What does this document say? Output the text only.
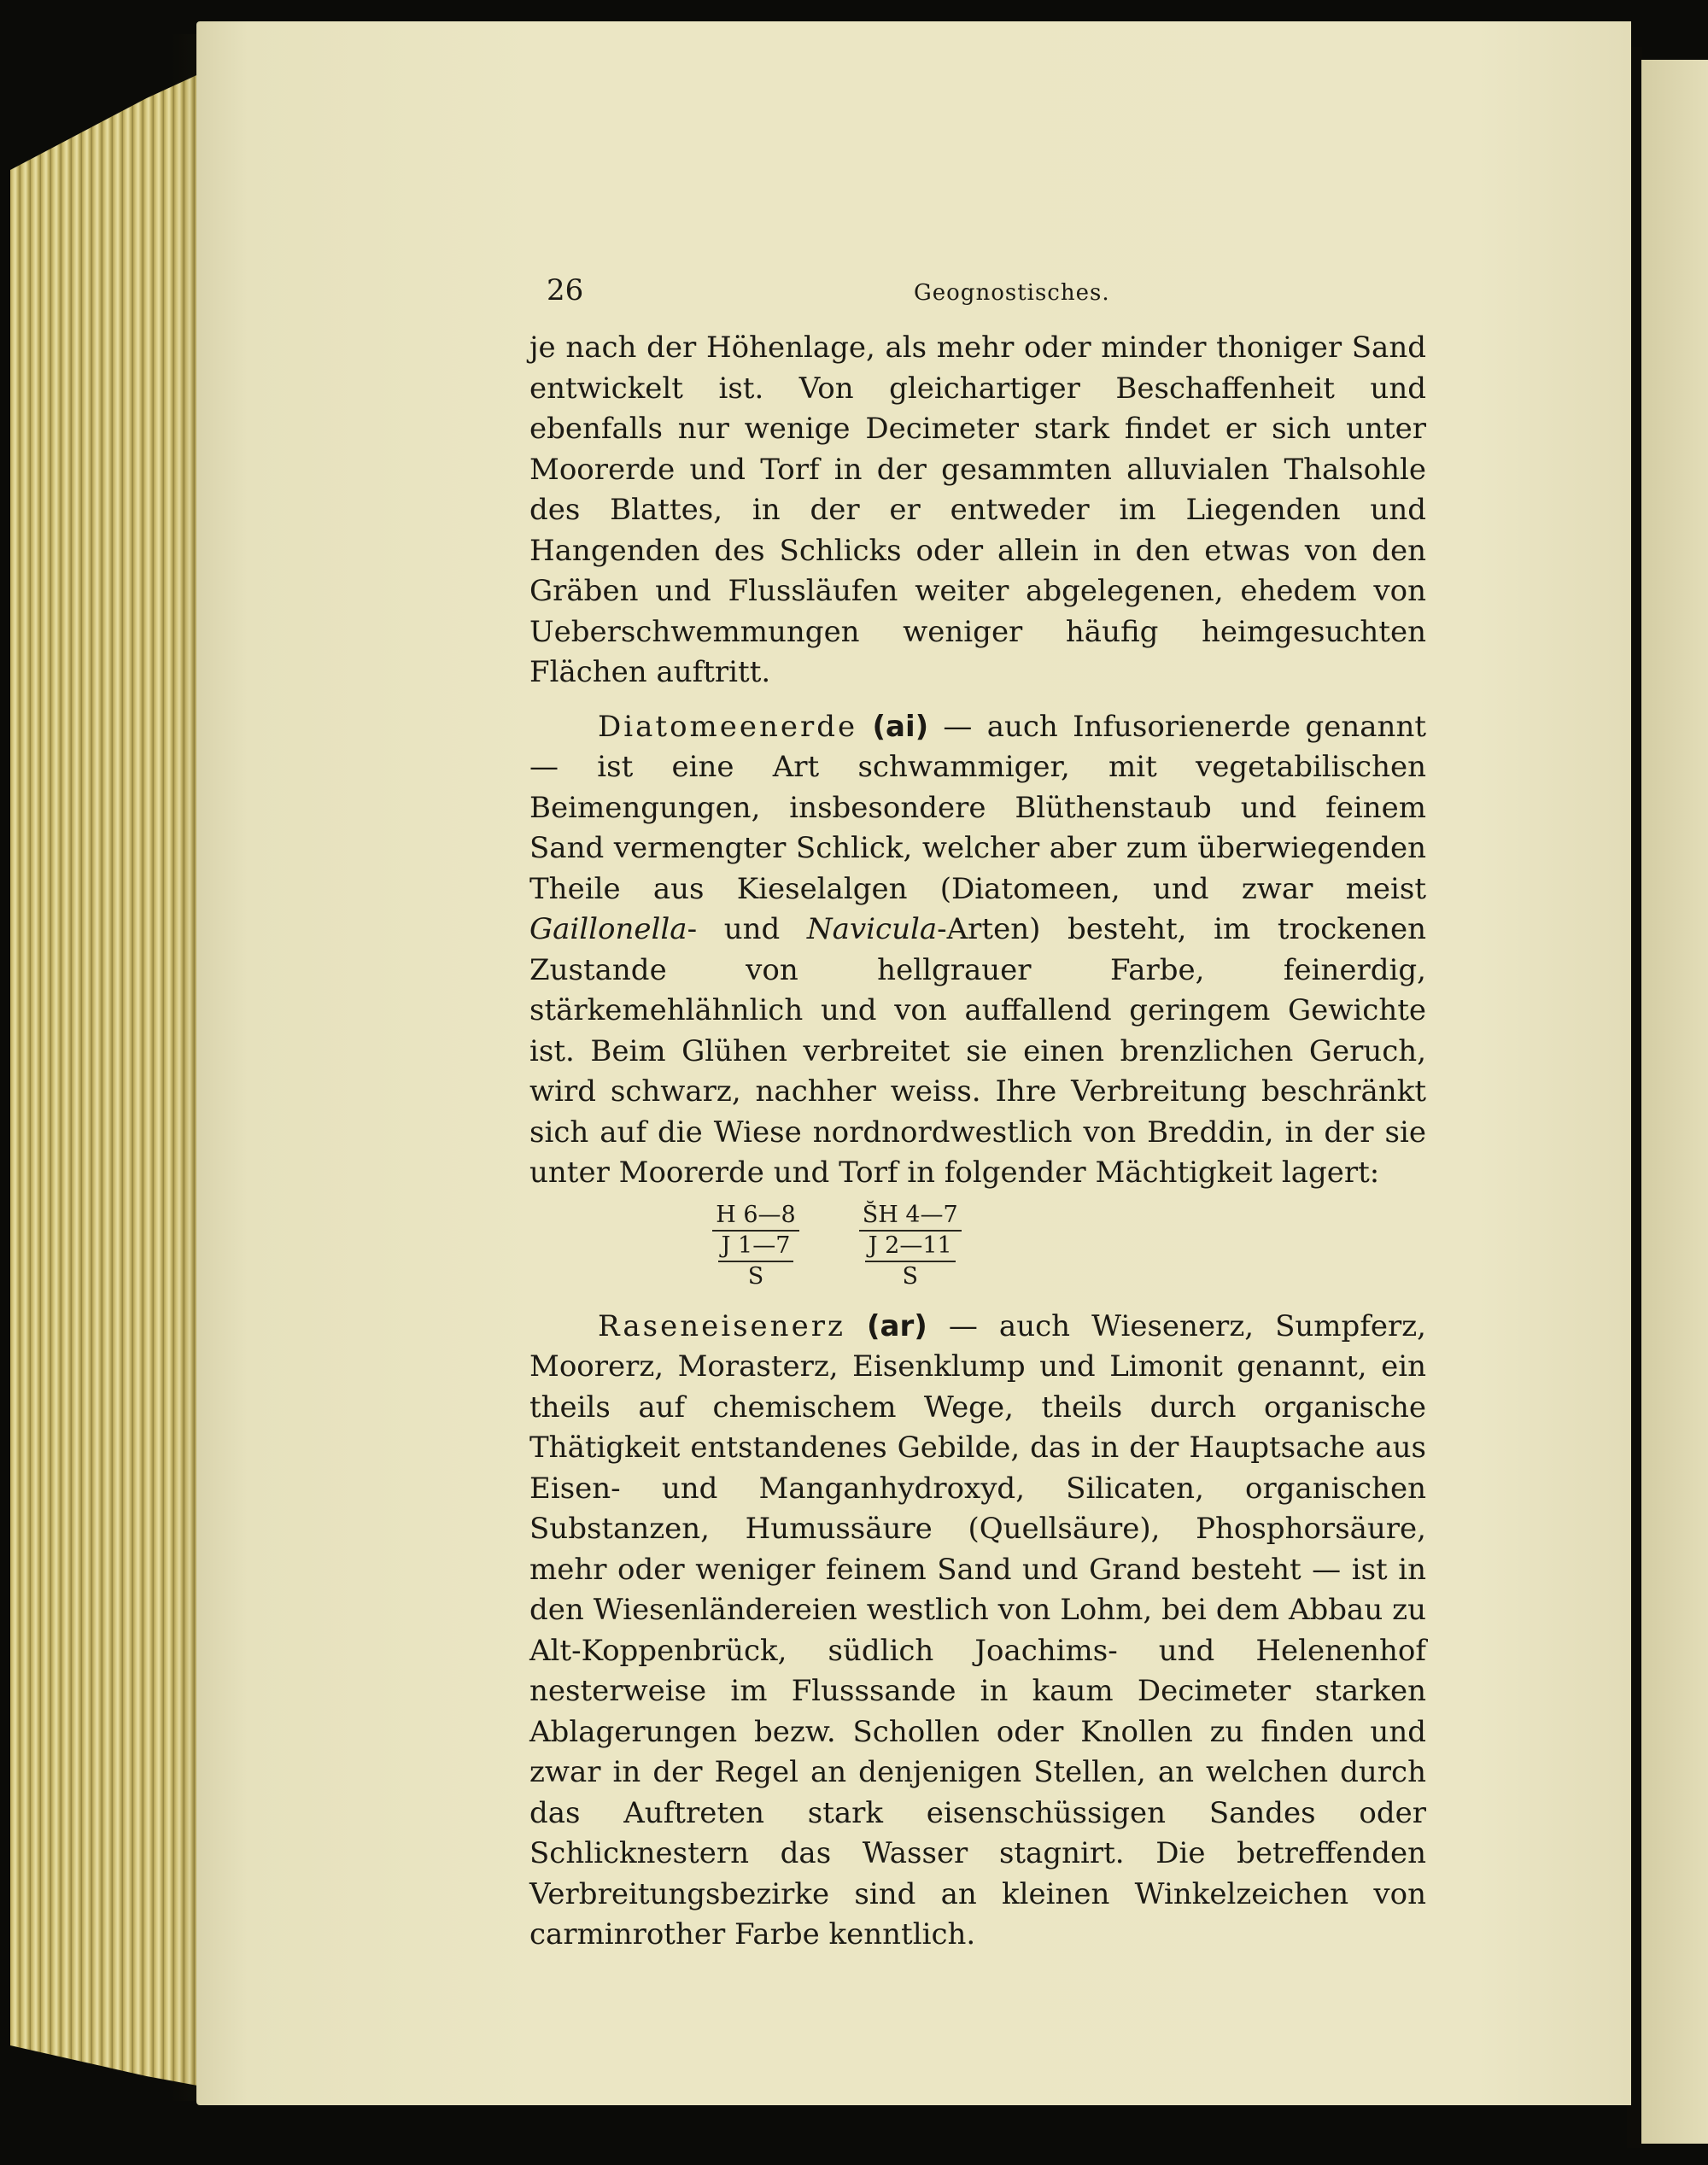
26	Geognostisches.

je nach der Höhenlage, als mehr oder minder thoniger Sand entwickelt ist. Von gleichartiger Beschaffenheit und ebenfalls nur wenige Decimeter stark findet er sich unter Moorerde und Torf in der gesammten alluvialen Thalsohle des Blattes, in der er entweder im Liegenden und Hangenden des Schlicks oder allein in den etwas von den Gräben und Flussläufen weiter abgelegenen, ehedem von Ueberschwemmungen weniger häufig heimgesuchten Flächen auftritt.

Diatomeenerde (ai) — auch Infusorienerde genannt — ist eine Art schwammiger, mit vegetabilischen Beimengungen, insbesondere Blüthenstaub und feinem Sand vermengter Schlick, welcher aber zum überwiegenden Theile aus Kieselalgen (Diatomeen, und zwar meist Gaillonella- und Navicula-Arten) besteht, im trockenen Zustande von hellgrauer Farbe, feinerdig, stärkemehlähnlich und von auffallend geringem Gewichte ist. Beim Glühen verbreitet sie einen brenzlichen Geruch, wird schwarz, nachher weiss. Ihre Verbreitung beschränkt sich auf die Wiese nordnordwestlich von Breddin, in der sie unter Moorerde und Torf in folgender Mächtigkeit lagert:

H 6—8
J 1—7
S
S̆H 4—7
J 2—11
S

Raseneisenerz (ar) — auch Wiesenerz, Sumpferz, Moorerz, Morasterz, Eisenklump und Limonit genannt, ein theils auf chemischem Wege, theils durch organische Thätigkeit entstandenes Gebilde, das in der Hauptsache aus Eisen- und Manganhydroxyd, Silicaten, organischen Substanzen, Humussäure (Quellsäure), Phosphorsäure, mehr oder weniger feinem Sand und Grand besteht — ist in den Wiesenländereien westlich von Lohm, bei dem Abbau zu Alt-Koppenbrück, südlich Joachims- und Helenenhof nesterweise im Flusssande in kaum Decimeter starken Ablagerungen bezw. Schollen oder Knollen zu finden und zwar in der Regel an denjenigen Stellen, an welchen durch das Auftreten stark eisenschüssigen Sandes oder Schlicknestern das Wasser stagnirt. Die betreffenden Verbreitungsbezirke sind an kleinen Winkelzeichen von carminrother Farbe kenntlich.
